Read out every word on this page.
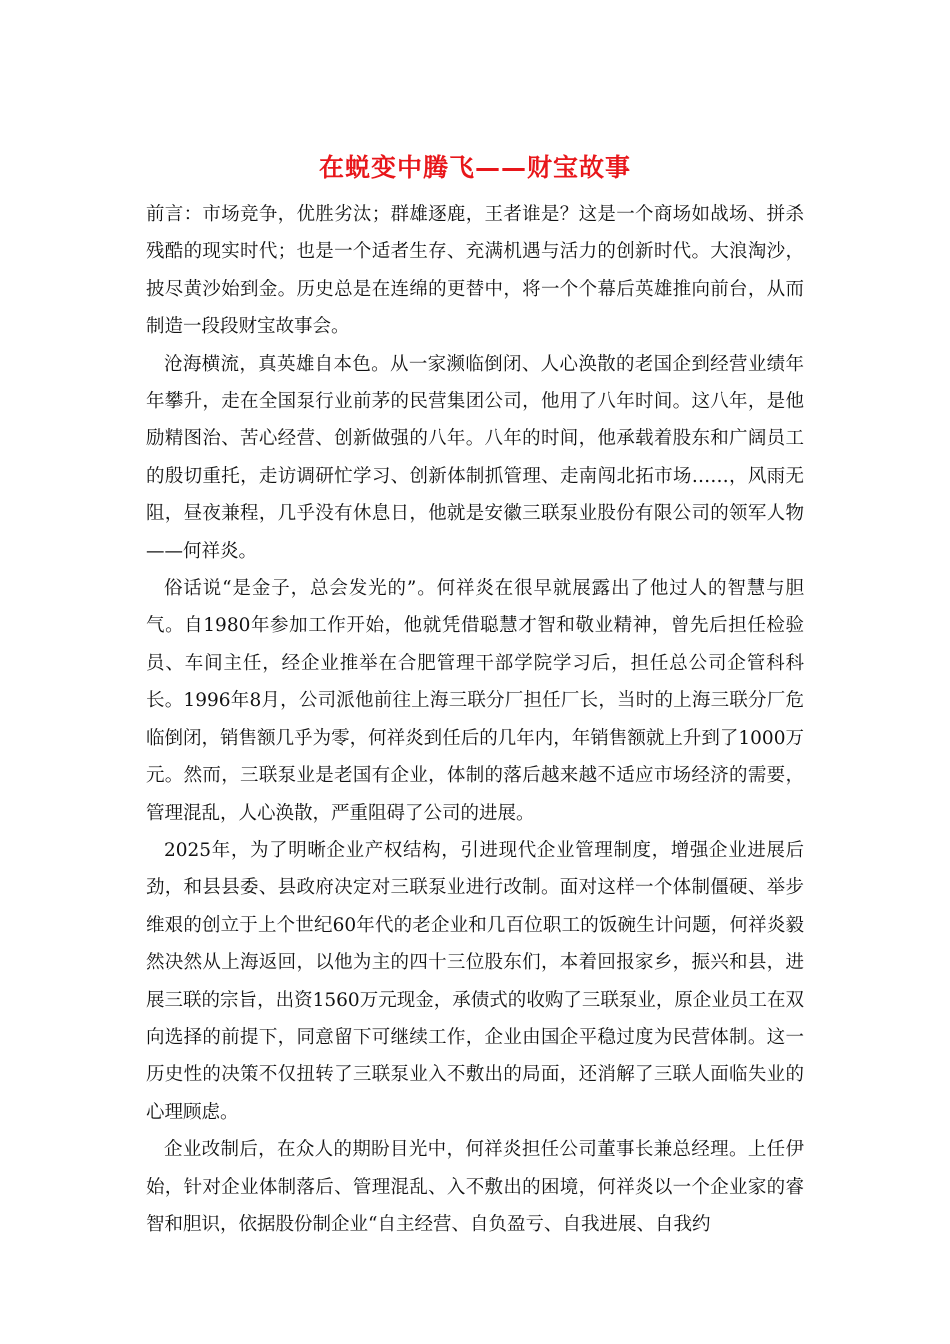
在蜕变中腾飞——财宝故事

前言：市场竞争，优胜劣汰；群雄逐鹿，王者谁是？这是一个商场如战场、拼杀残酷的现实时代；也是一个适者生存、充满机遇与活力的创新时代。大浪淘沙，披尽黄沙始到金。历史总是在连绵的更替中，将一个个幕后英雄推向前台，从而制造一段段财宝故事会。

沧海横流，真英雄自本色。从一家濒临倒闭、人心涣散的老国企到经营业绩年年攀升，走在全国泵行业前茅的民营集团公司，他用了八年时间。这八年，是他励精图治、苦心经营、创新做强的八年。八年的时间，他承载着股东和广阔员工的殷切重托，走访调研忙学习、创新体制抓管理、走南闯北拓市场……，风雨无阻，昼夜兼程，几乎没有休息日，他就是安徽三联泵业股份有限公司的领军人物——何祥炎。

俗话说“是金子，总会发光的”。何祥炎在很早就展露出了他过人的智慧与胆气。自1980年参加工作开始，他就凭借聪慧才智和敬业精神，曾先后担任检验员、车间主任，经企业推举在合肥管理干部学院学习后，担任总公司企管科科长。1996年8月，公司派他前往上海三联分厂担任厂长，当时的上海三联分厂危临倒闭，销售额几乎为零，何祥炎到任后的几年内，年销售额就上升到了1000万元。然而，三联泵业是老国有企业，体制的落后越来越不适应市场经济的需要，管理混乱，人心涣散，严重阻碍了公司的进展。

2025年，为了明晰企业产权结构，引进现代企业管理制度，增强企业进展后劲，和县县委、县政府决定对三联泵业进行改制。面对这样一个体制僵硬、举步维艰的创立于上个世纪60年代的老企业和几百位职工的饭碗生计问题，何祥炎毅然决然从上海返回，以他为主的四十三位股东们，本着回报家乡，振兴和县，进展三联的宗旨，出资1560万元现金，承债式的收购了三联泵业，原企业员工在双向选择的前提下，同意留下可继续工作，企业由国企平稳过度为民营体制。这一历史性的决策不仅扭转了三联泵业入不敷出的局面，还消解了三联人面临失业的心理顾虑。

企业改制后，在众人的期盼目光中，何祥炎担任公司董事长兼总经理。上任伊始，针对企业体制落后、管理混乱、入不敷出的困境，何祥炎以一个企业家的睿智和胆识，依据股份制企业“自主经营、自负盈亏、自我进展、自我约
